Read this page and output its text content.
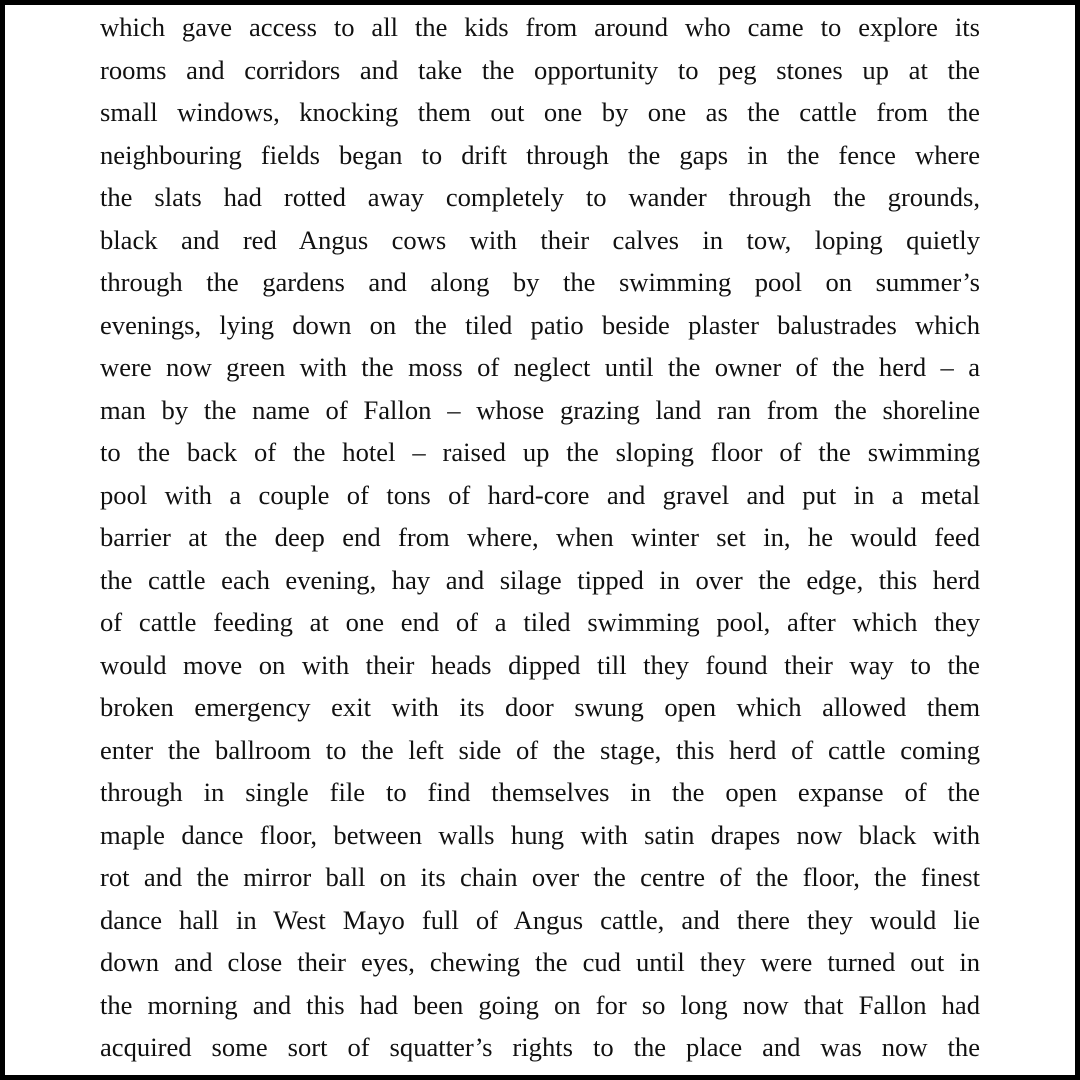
which gave access to all the kids from around who came to explore its
rooms and corridors and take the opportunity to peg stones up at the
small windows, knocking them out one by one as the cattle from the
neighbouring fields began to drift through the gaps in the fence where
the slats had rotted away completely to wander through the grounds,
black and red Angus cows with their calves in tow, loping quietly
through the gardens and along by the swimming pool on summer’s
evenings, lying down on the tiled patio beside plaster balustrades which
were now green with the moss of neglect until the owner of the herd – a
man by the name of Fallon – whose grazing land ran from the shoreline
to the back of the hotel – raised up the sloping floor of the swimming
pool with a couple of tons of hard-core and gravel and put in a metal
barrier at the deep end from where, when winter set in, he would feed
the cattle each evening, hay and silage tipped in over the edge, this herd
of cattle feeding at one end of a tiled swimming pool, after which they
would move on with their heads dipped till they found their way to the
broken emergency exit with its door swung open which allowed them
enter the ballroom to the left side of the stage, this herd of cattle coming
through in single file to find themselves in the open expanse of the
maple dance floor, between walls hung with satin drapes now black with
rot and the mirror ball on its chain over the centre of the floor, the finest
dance hall in West Mayo full of Angus cattle, and there they would lie
down and close their eyes, chewing the cud until they were turned out in
the morning and this had been going on for so long now that Fallon had
acquired some sort of squatter’s rights to the place and was now the
